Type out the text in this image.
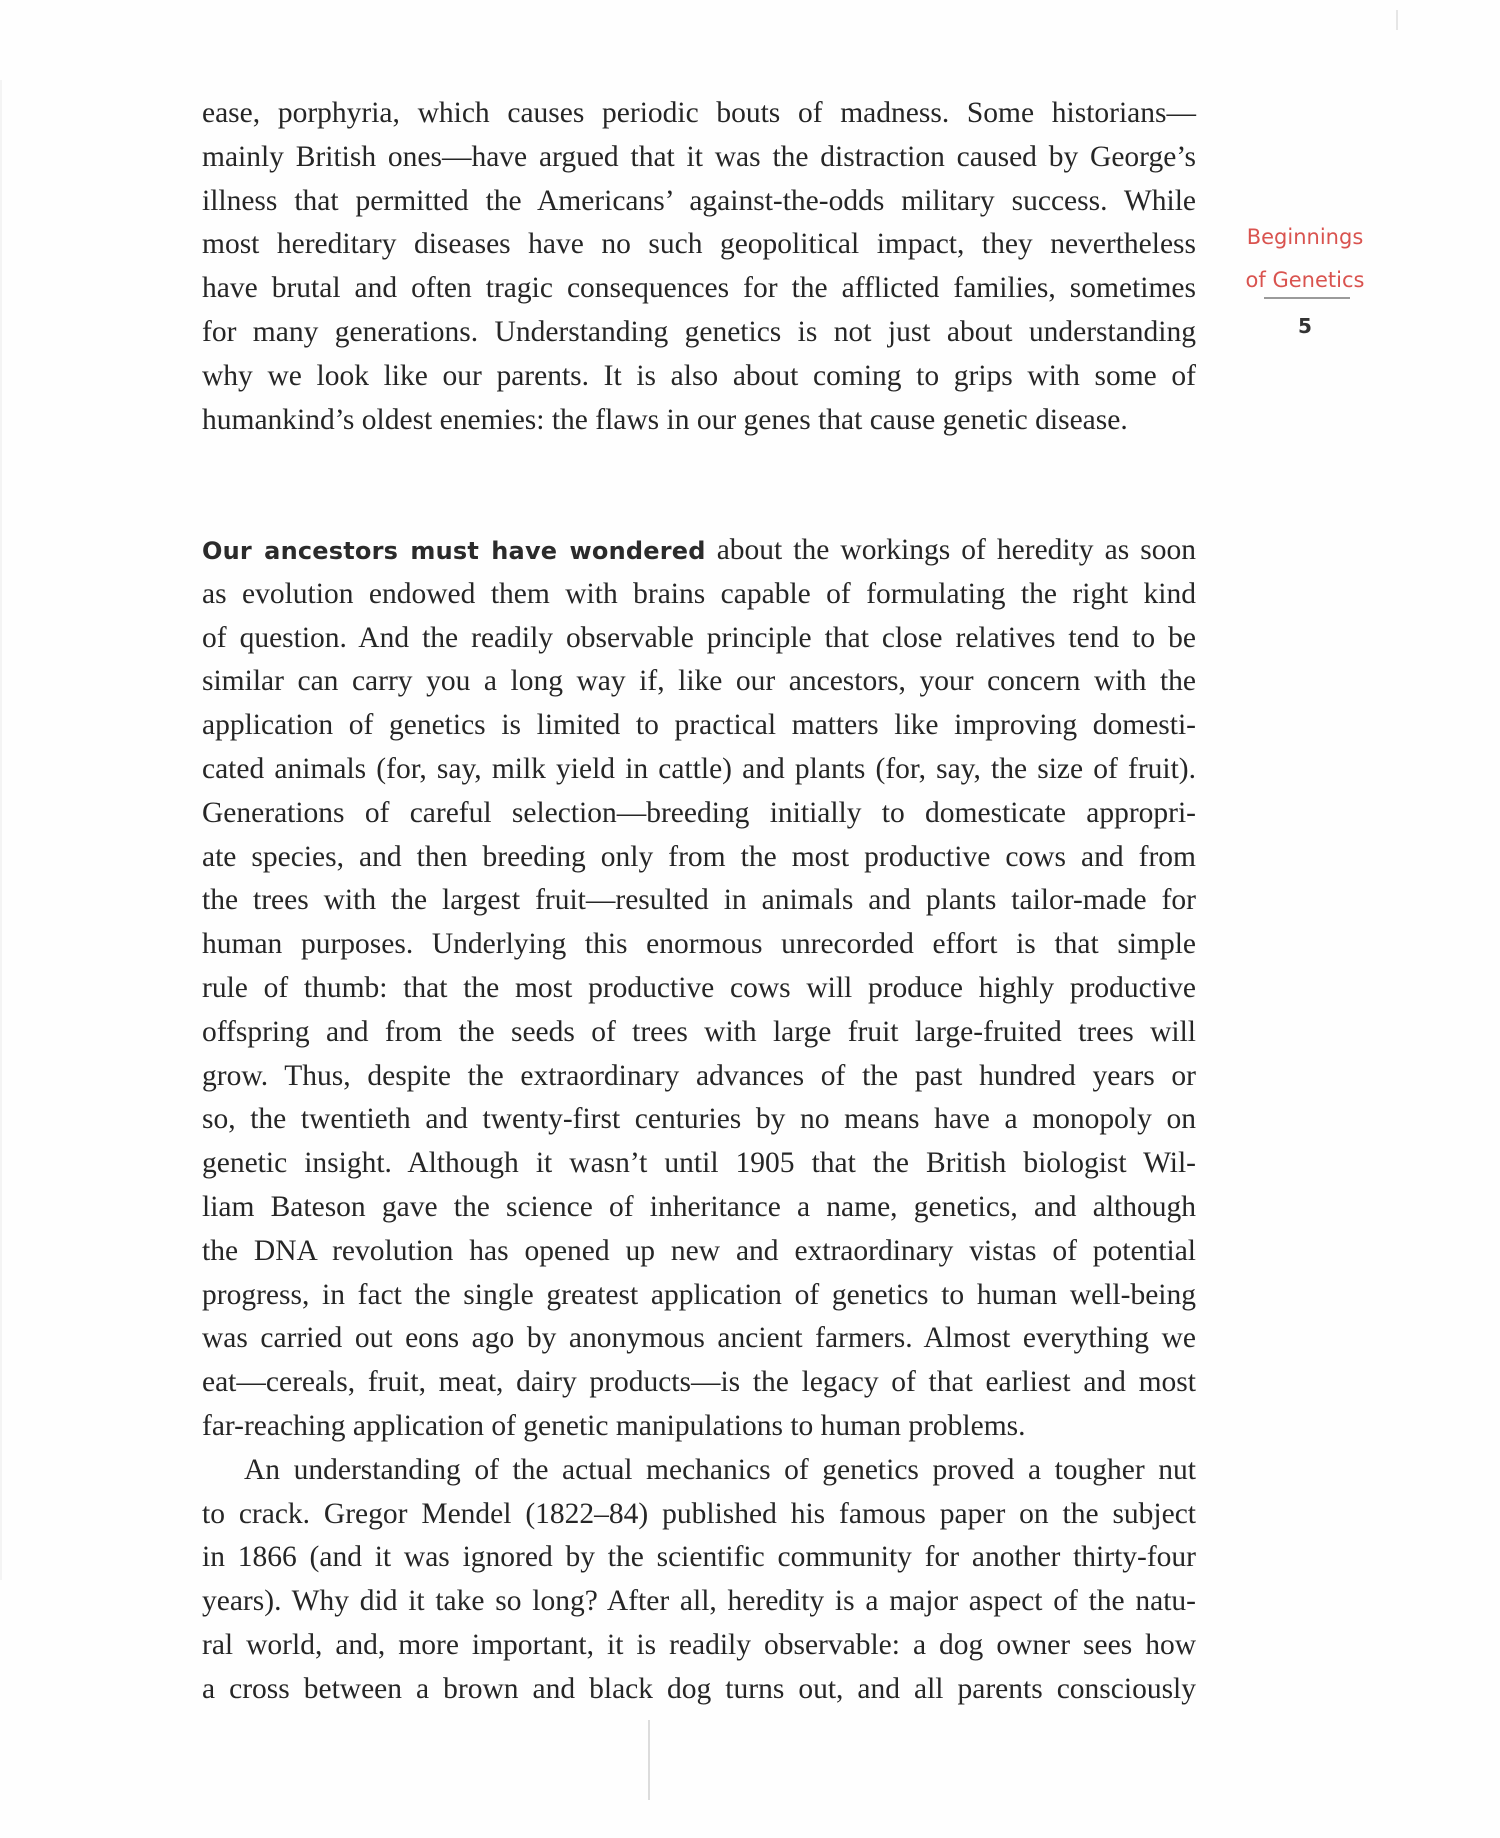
ease, porphyria, which causes periodic bouts of madness. Some historians—
mainly British ones—have argued that it was the distraction caused by George’s
illness that permitted the Americans’ against-the-odds military success. While
most hereditary diseases have no such geopolitical impact, they nevertheless
have brutal and often tragic consequences for the afflicted families, sometimes
for many generations. Understanding genetics is not just about understanding
why we look like our parents. It is also about coming to grips with some of
humankind’s oldest enemies: the flaws in our genes that cause genetic disease.
Beginnings
of Genetics
5
Our ancestors must have wondered about the workings of heredity as soon
as evolution endowed them with brains capable of formulating the right kind
of question. And the readily observable principle that close relatives tend to be
similar can carry you a long way if, like our ancestors, your concern with the
application of genetics is limited to practical matters like improving domesti-
cated animals (for, say, milk yield in cattle) and plants (for, say, the size of fruit).
Generations of careful selection—breeding initially to domesticate appropri-
ate species, and then breeding only from the most productive cows and from
the trees with the largest fruit—resulted in animals and plants tailor-made for
human purposes. Underlying this enormous unrecorded effort is that simple
rule of thumb: that the most productive cows will produce highly productive
offspring and from the seeds of trees with large fruit large-fruited trees will
grow. Thus, despite the extraordinary advances of the past hundred years or
so, the twentieth and twenty-first centuries by no means have a monopoly on
genetic insight. Although it wasn’t until 1905 that the British biologist Wil-
liam Bateson gave the science of inheritance a name, genetics, and although
the DNA revolution has opened up new and extraordinary vistas of potential
progress, in fact the single greatest application of genetics to human well-being
was carried out eons ago by anonymous ancient farmers. Almost everything we
eat—cereals, fruit, meat, dairy products—is the legacy of that earliest and most
far-reaching application of genetic manipulations to human problems.
An understanding of the actual mechanics of genetics proved a tougher nut
to crack. Gregor Mendel (1822–84) published his famous paper on the subject
in 1866 (and it was ignored by the scientific community for another thirty-four
years). Why did it take so long? After all, heredity is a major aspect of the natu-
ral world, and, more important, it is readily observable: a dog owner sees how
a cross between a brown and black dog turns out, and all parents consciously
